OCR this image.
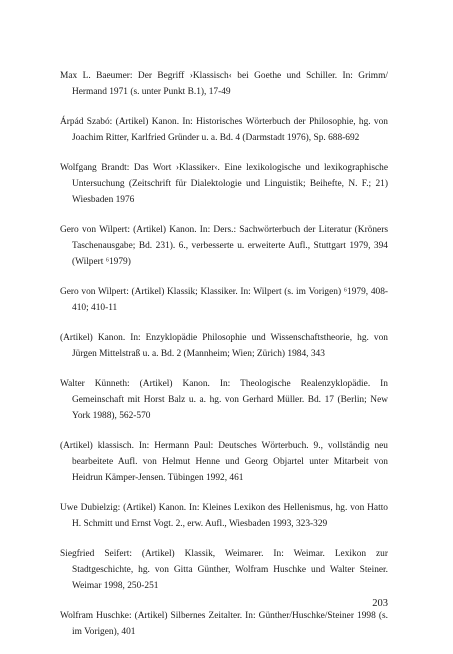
Max L. Baeumer: Der Begriff ›Klassisch‹ bei Goethe und Schiller. In: Grimm/ Hermand 1971 (s. unter Punkt B.1), 17-49

Árpád Szabó: (Artikel) Kanon. In: Historisches Wörterbuch der Philosophie, hg. von Joachim Ritter, Karlfried Gründer u. a. Bd. 4 (Darmstadt 1976), Sp. 688-692

Wolfgang Brandt: Das Wort ›Klassiker‹. Eine lexikologische und lexikographische Untersuchung (Zeitschrift für Dialektologie und Linguistik; Beihefte, N. F.; 21) Wiesbaden 1976

Gero von Wilpert: (Artikel) Kanon. In: Ders.: Sachwörterbuch der Literatur (Kröners Taschenausgabe; Bd. 231). 6., verbesserte u. erweiterte Aufl., Stuttgart 1979, 394 (Wilpert ⁶1979)

Gero von Wilpert: (Artikel) Klassik; Klassiker. In: Wilpert (s. im Vorigen) ⁶1979, 408-410; 410-11

(Artikel) Kanon. In: Enzyklopädie Philosophie und Wissenschaftstheorie, hg. von Jürgen Mittelstraß u. a. Bd. 2 (Mannheim; Wien; Zürich) 1984, 343

Walter Künneth: (Artikel) Kanon. In: Theologische Realenzyklopädie. In Gemeinschaft mit Horst Balz u. a. hg. von Gerhard Müller. Bd. 17 (Berlin; New York 1988), 562-570

(Artikel) klassisch. In: Hermann Paul: Deutsches Wörterbuch. 9., vollständig neu bearbeitete Aufl. von Helmut Henne und Georg Objartel unter Mitarbeit von Heidrun Kämper-Jensen. Tübingen 1992, 461

Uwe Dubielzig: (Artikel) Kanon. In: Kleines Lexikon des Hellenismus, hg. von Hatto H. Schmitt und Ernst Vogt. 2., erw. Aufl., Wiesbaden 1993, 323-329

Siegfried Seifert: (Artikel) Klassik, Weimarer. In: Weimar. Lexikon zur Stadtgeschichte, hg. von Gitta Günther, Wolfram Huschke und Walter Steiner. Weimar 1998, 250-251

Wolfram Huschke: (Artikel) Silbernes Zeitalter. In: Günther/Huschke/Steiner 1998 (s. im Vorigen), 401

203
